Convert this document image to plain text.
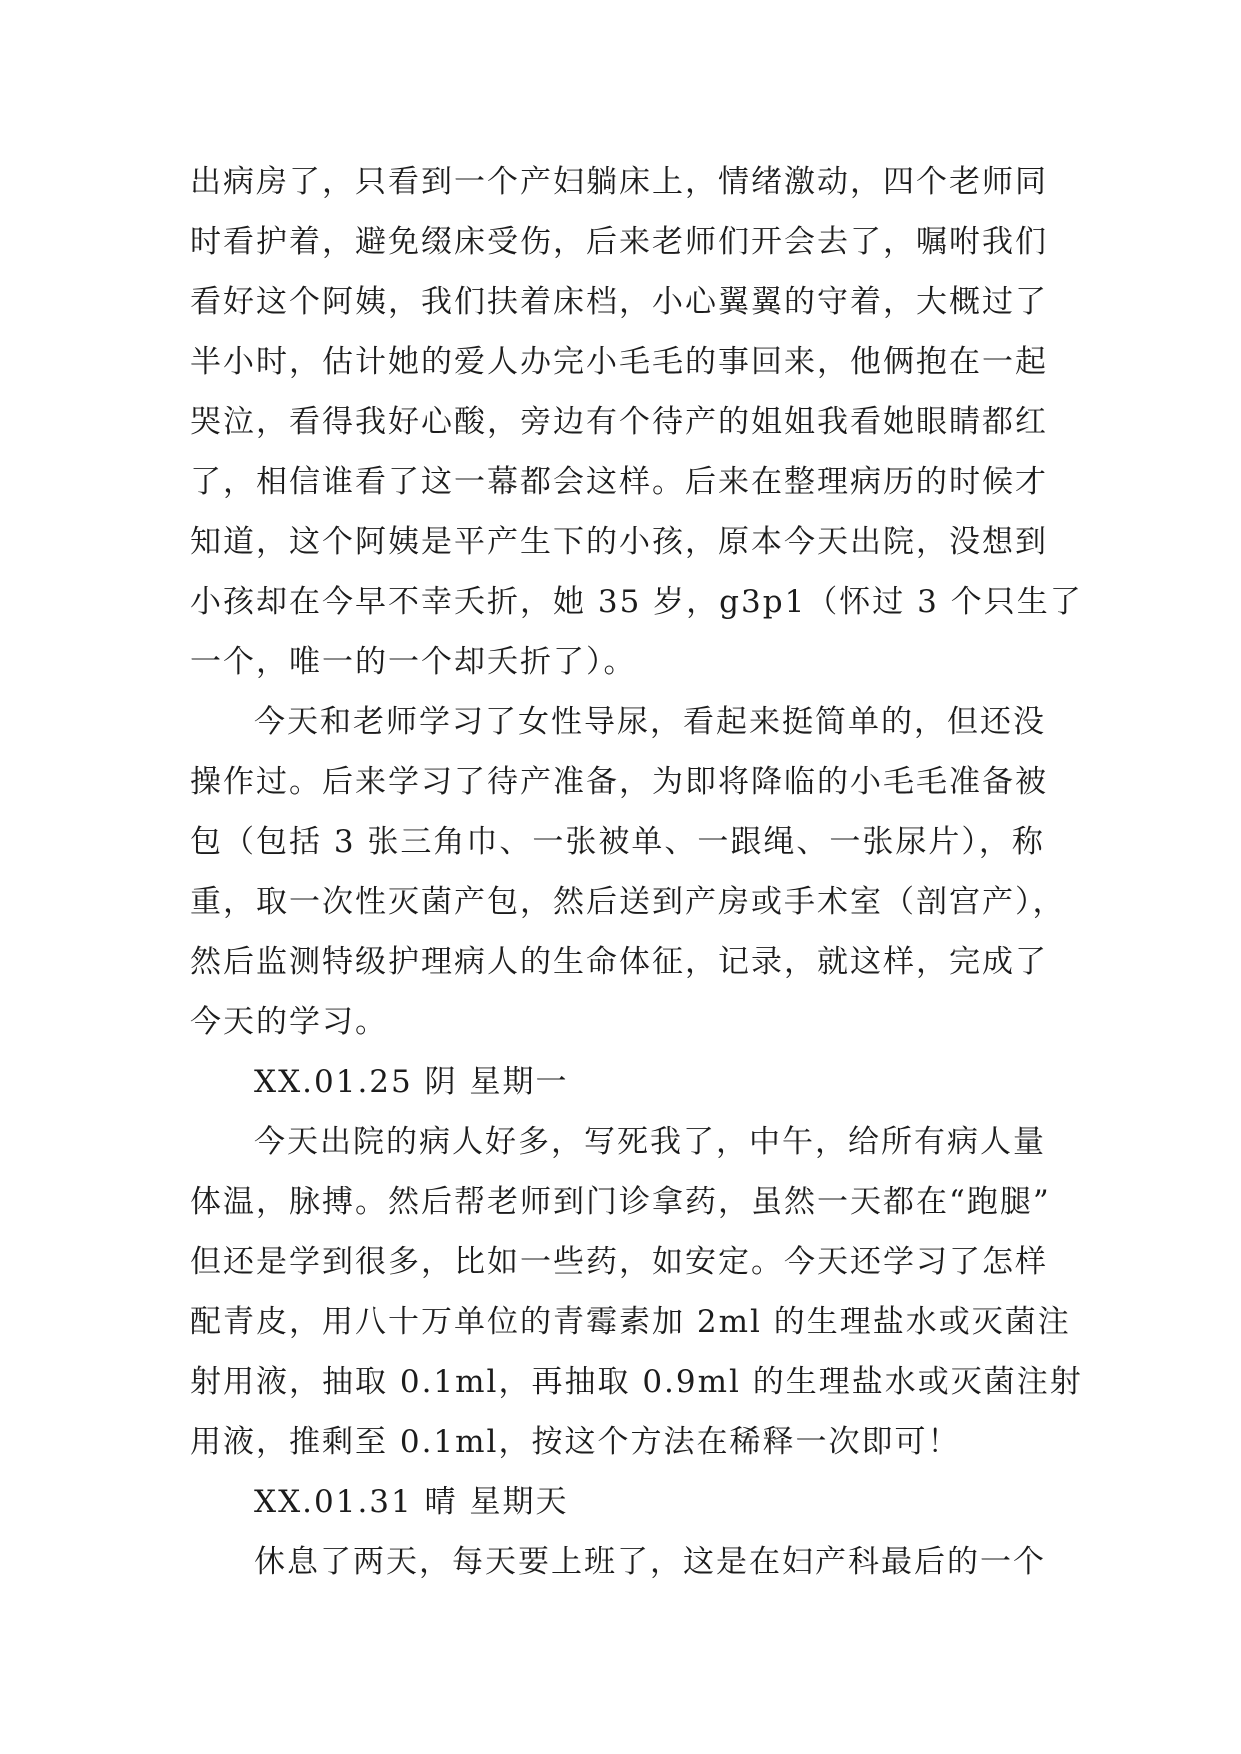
出病房了，只看到一个产妇躺床上，情绪激动，四个老师同
时看护着，避免缀床受伤，后来老师们开会去了，嘱咐我们
看好这个阿姨，我们扶着床档，小心翼翼的守着，大概过了
半小时，估计她的爱人办完小毛毛的事回来，他俩抱在一起
哭泣，看得我好心酸，旁边有个待产的姐姐我看她眼睛都红
了，相信谁看了这一幕都会这样。后来在整理病历的时候才
知道，这个阿姨是平产生下的小孩，原本今天出院，没想到
小孩却在今早不幸夭折，她 35 岁，g3p1（怀过 3 个只生了
一个，唯一的一个却夭折了）。
今天和老师学习了女性导尿，看起来挺简单的，但还没
操作过。后来学习了待产准备，为即将降临的小毛毛准备被
包（包括 3 张三角巾、一张被单、一跟绳、一张尿片），称
重，取一次性灭菌产包，然后送到产房或手术室（剖宫产），
然后监测特级护理病人的生命体征，记录，就这样，完成了
今天的学习。
XX.01.25 阴 星期一
今天出院的病人好多，写死我了，中午，给所有病人量
体温，脉搏。然后帮老师到门诊拿药，虽然一天都在“跑腿”
但还是学到很多，比如一些药，如安定。今天还学习了怎样
配青皮，用八十万单位的青霉素加 2ml 的生理盐水或灭菌注
射用液，抽取 0.1ml，再抽取 0.9ml 的生理盐水或灭菌注射
用液，推剩至 0.1ml，按这个方法在稀释一次即可！
XX.01.31 晴 星期天
休息了两天，每天要上班了，这是在妇产科最后的一个
